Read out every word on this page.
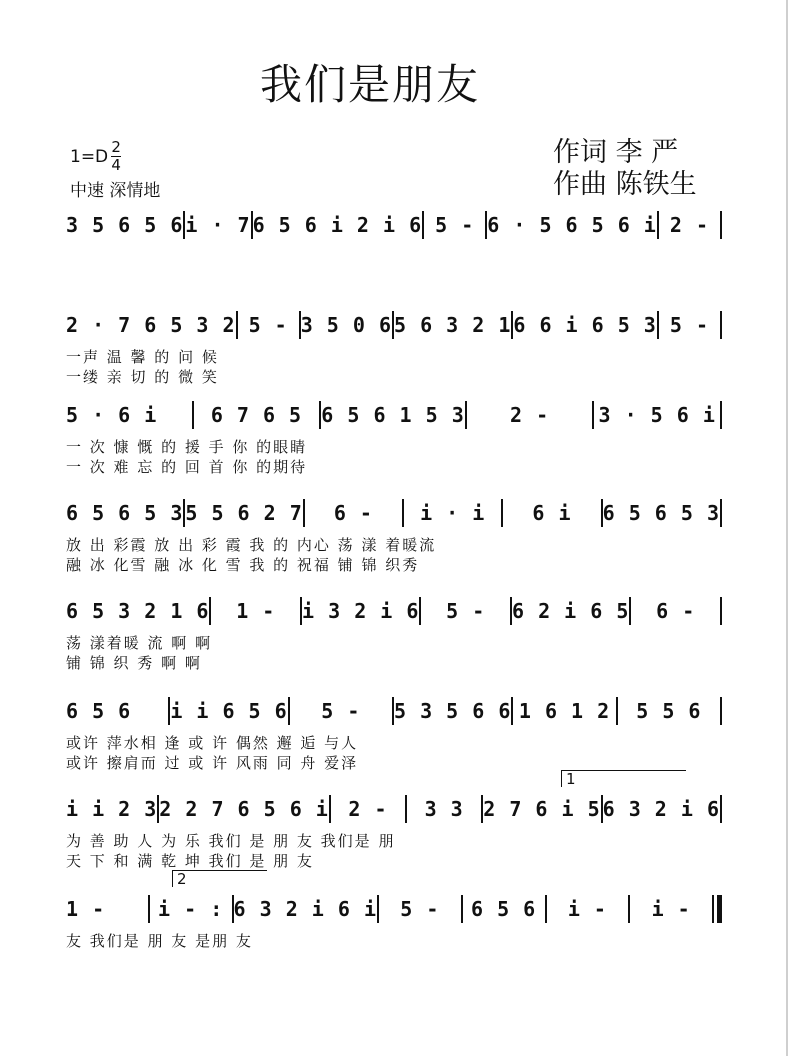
我们是朋友
$1=D \frac{2}{4}$
中速 深情地
作词 李 严
作曲 陈铁生
3 5 6 5 6 i · 7 6 5 6 i 2 i 6 5 - 6 · 5 6 5 6 i 2 -
2 · 7 6 5 3 2 5 - 3 5 0 6 5 6 3 2 1 6 6 i 6 5 3 5 -
一声 温 馨 的 问 候
一缕 亲 切 的 微 笑
5 · 6 i	6 7 6 5 6 5 6 1 5 3	2 -	3 · 5 6 i
一 次 慷 慨 的 援 手 你 的眼睛
一 次 难 忘 的 回 首 你 的期待
6 5 6 5 3 5 5 6 2 7	6 -	i · i	6 i	6 5 6 5 3
放 出 彩霞 放 出 彩 霞 我 的 内心 荡 漾 着暖流
融 冰 化雪 融 冰 化 雪 我 的 祝福 铺 锦 织秀
6 5 3 2 1 6	1 -	i 3 2 i 6	5 -	6 2 i 6 5	6 -
荡 漾着暖 流 啊 啊
铺 锦 织 秀 啊 啊
6 5 6	i i 6 5 6	5 -	5 3 5 6 6 1 6 1 2	5 5 6
或许 萍水相 逢 或 许 偶然 邂 逅 与人
或许 擦肩而 过 或 许 风雨 同 舟 爱泽
i i 2 3 2 2 7 6 5 6 i 2 -	3 3 2 7 6 i 5 6 3 2 i 6
1
为 善 助 人 为 乐 我们 是 朋 友 我们是 朋
天 下 和 满 乾 坤 我们 是 朋 友
1 -	i - : 6 3 2 i 6 i	5 -	6 5 6	i -	i -
2
友 我们是 朋 友 是朋 友
